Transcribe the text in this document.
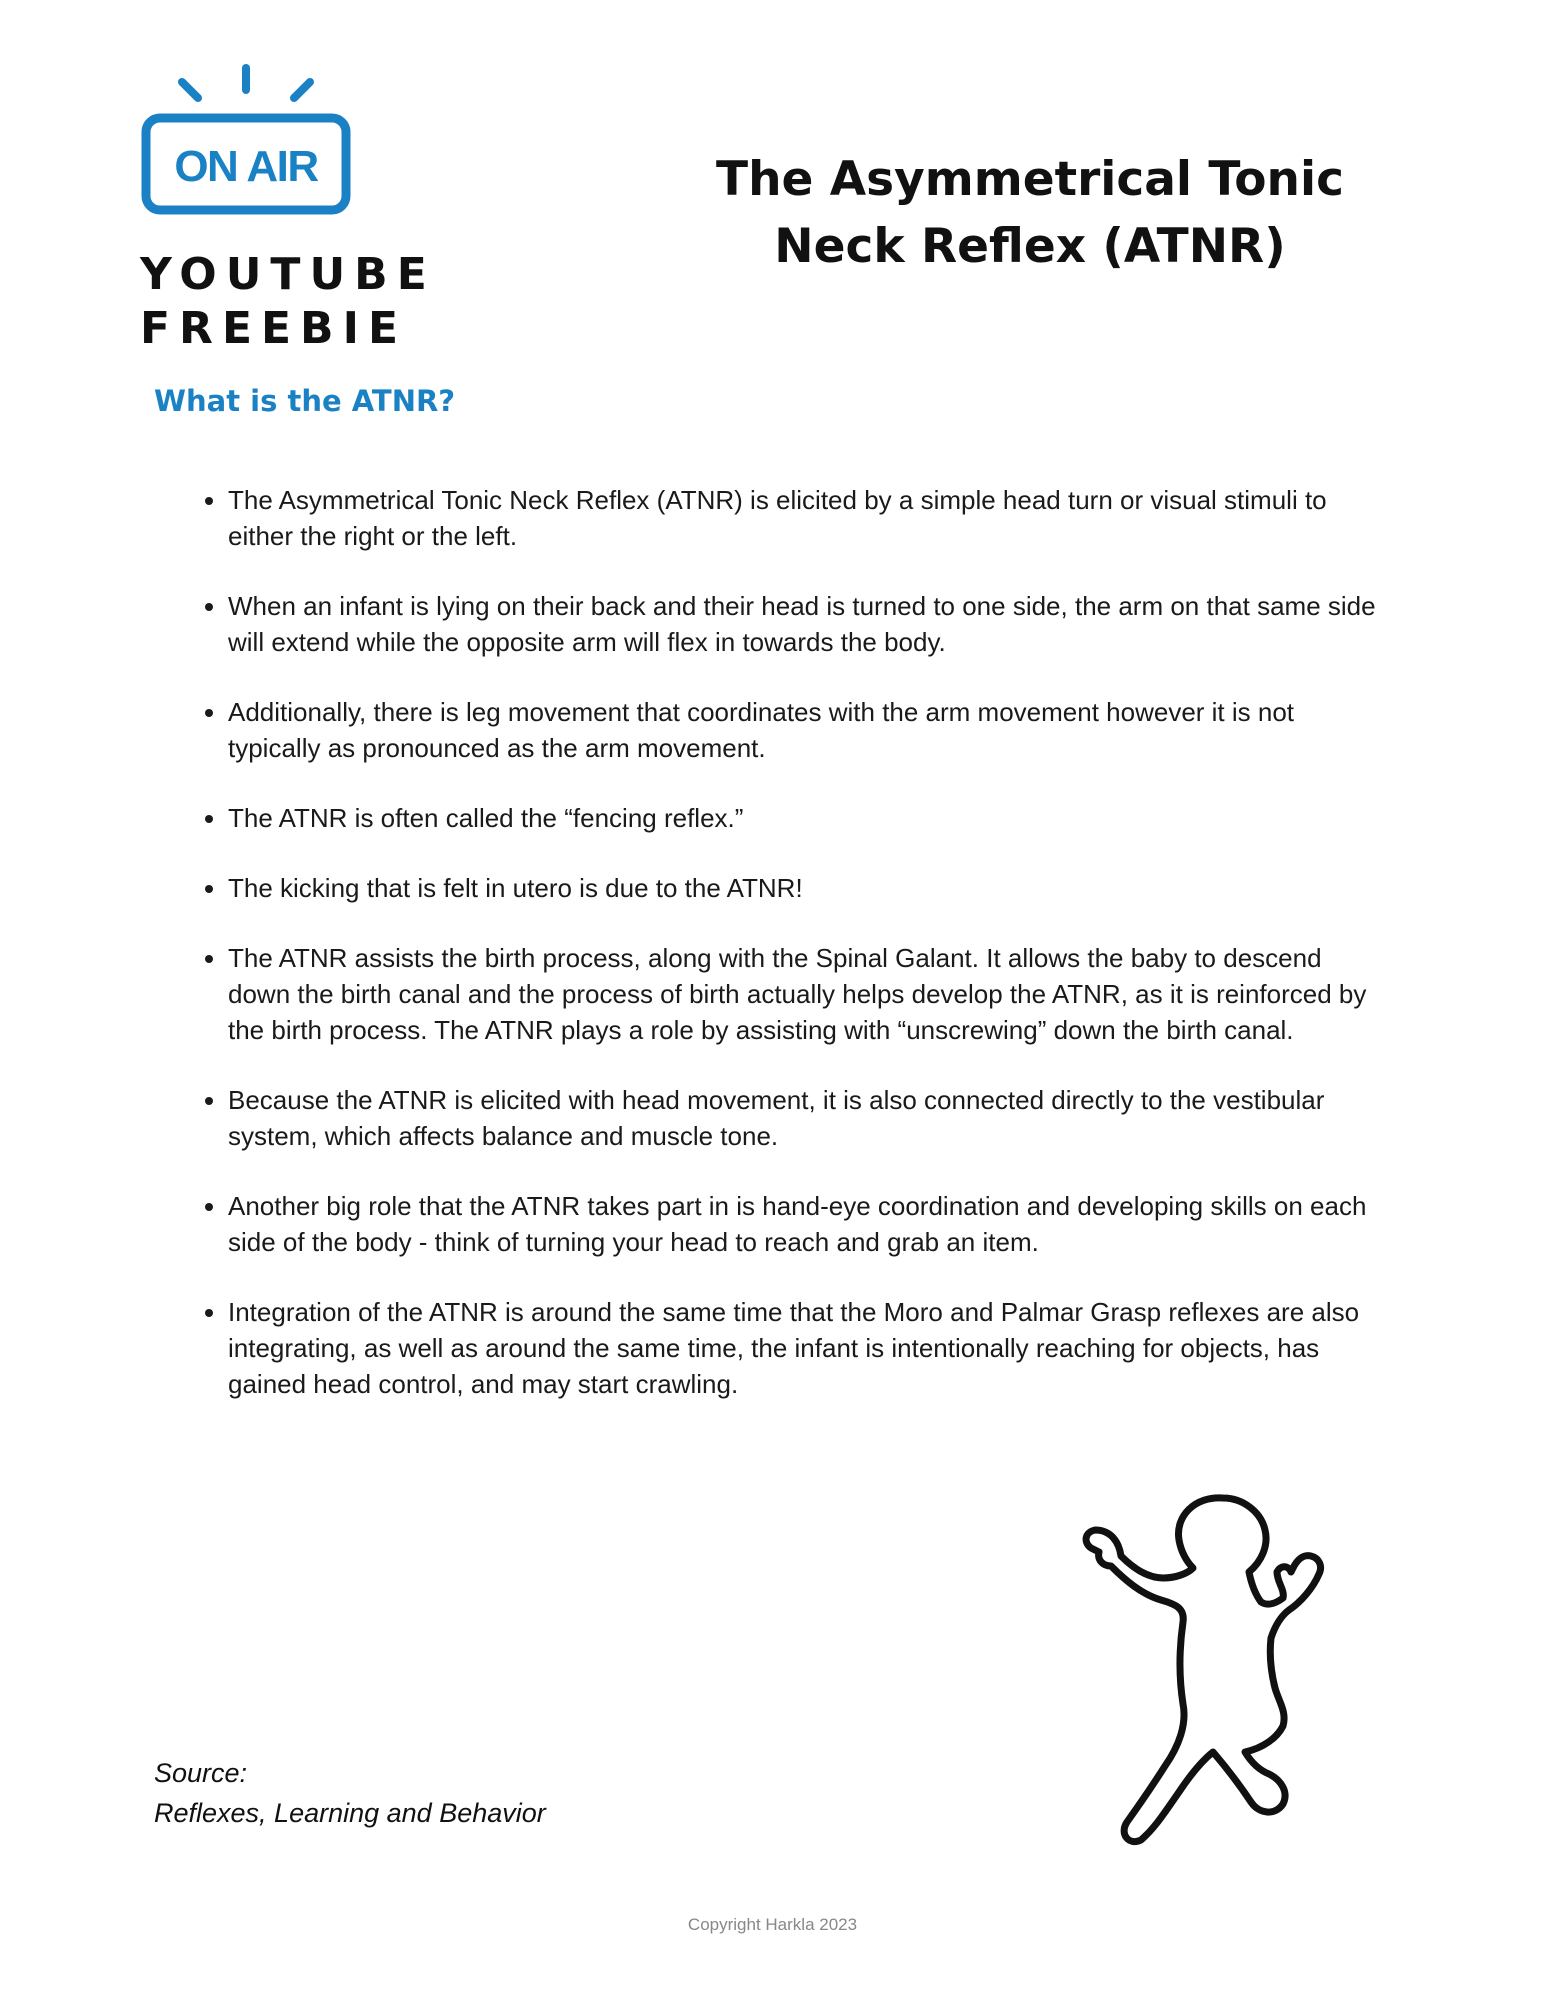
ON AIR
YOUTUBE
FREEBIE
The Asymmetrical Tonic
Neck Reflex (ATNR)
What is the ATNR?
• The Asymmetrical Tonic Neck Reflex (ATNR) is elicited by a simple head turn or visual stimuli to either the right or the left.
• When an infant is lying on their back and their head is turned to one side, the arm on that same side will extend while the opposite arm will flex in towards the body.
• Additionally, there is leg movement that coordinates with the arm movement however it is not typically as pronounced as the arm movement.
• The ATNR is often called the “fencing reflex.”
• The kicking that is felt in utero is due to the ATNR!
• The ATNR assists the birth process, along with the Spinal Galant. It allows the baby to descend down the birth canal and the process of birth actually helps develop the ATNR, as it is reinforced by the birth process. The ATNR plays a role by assisting with “unscrewing” down the birth canal.
• Because the ATNR is elicited with head movement, it is also connected directly to the vestibular system, which affects balance and muscle tone.
• Another big role that the ATNR takes part in is hand-eye coordination and developing skills on each side of the body - think of turning your head to reach and grab an item.
• Integration of the ATNR is around the same time that the Moro and Palmar Grasp reflexes are also integrating, as well as around the same time, the infant is intentionally reaching for objects, has gained head control, and may start crawling.
Source:
Reflexes, Learning and Behavior
Copyright Harkla 2023
